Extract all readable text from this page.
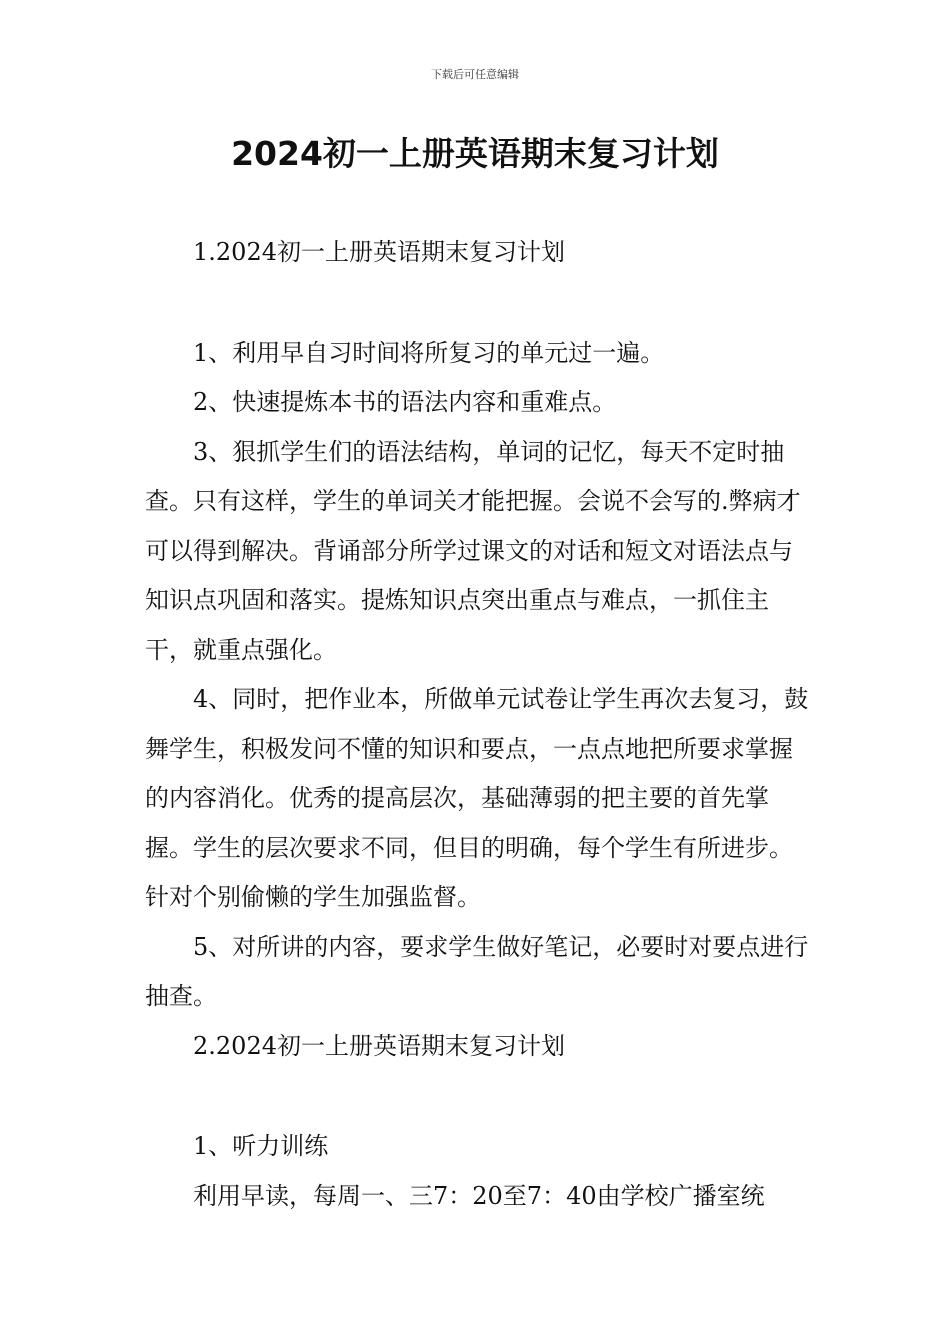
下载后可任意编辑
2024初一上册英语期末复习计划

1.2024初一上册英语期末复习计划

1、利用早自习时间将所复习的单元过一遍。

2、快速提炼本书的语法内容和重难点。

3、狠抓学生们的语法结构，单词的记忆，每天不定时抽查。只有这样，学生的单词关才能把握。会说不会写的.弊病才可以得到解决。背诵部分所学过课文的对话和短文对语法点与知识点巩固和落实。提炼知识点突出重点与难点，一抓住主干，就重点强化。

4、同时，把作业本，所做单元试卷让学生再次去复习，鼓舞学生，积极发问不懂的知识和要点，一点点地把所要求掌握的内容消化。优秀的提高层次，基础薄弱的把主要的首先掌握。学生的层次要求不同，但目的明确，每个学生有所进步。针对个别偷懒的学生加强监督。

5、对所讲的内容，要求学生做好笔记，必要时对要点进行抽查。

2.2024初一上册英语期末复习计划

1、听力训练

利用早读，每周一、三7：20至7：40由学校广播室统
